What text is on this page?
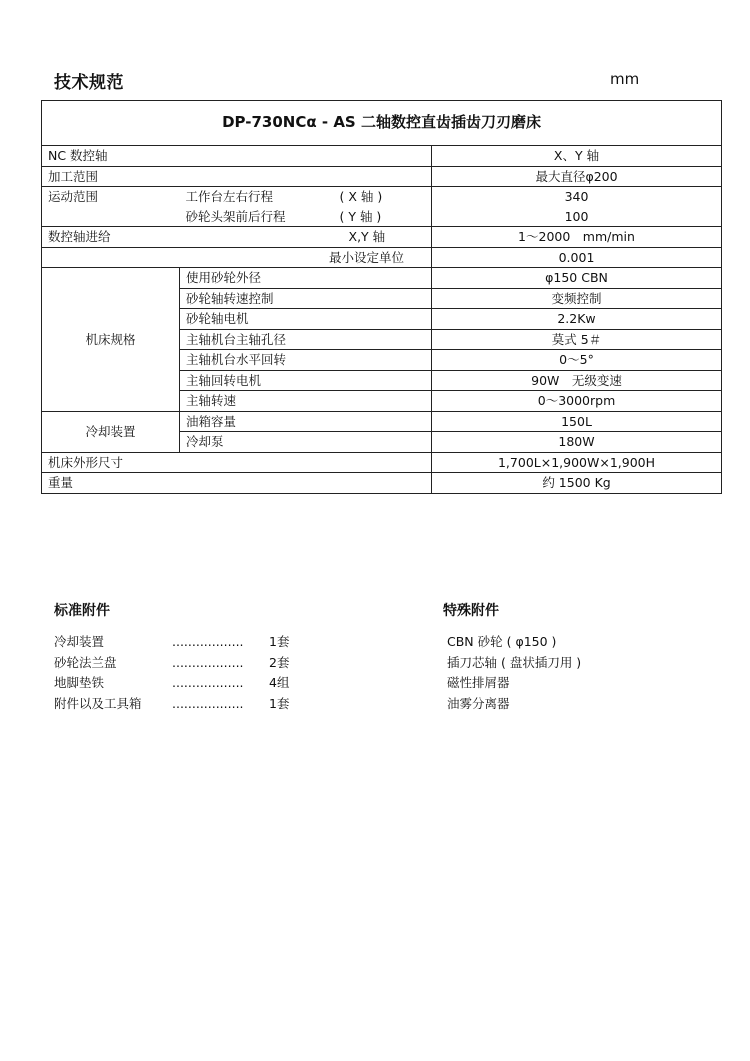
技术规范	mm
DP-730NCα - AS 二轴数控直齿插齿刀刃磨床		
NC 数控轴		X、Y 轴
加工范围		最大直径φ200
运动范围	工作台左右行程 ( X 轴 )	340
	砂轮头架前后行程 ( Y 轴 )	100
数控轴进给	X,Y 轴	1～2000　mm/min
最小设定单位		0.001
机床规格	使用砂轮外径	φ150 CBN
	砂轮轴转速控制	变频控制
	砂轮轴电机	2.2Kw
	主轴机台主轴孔径	莫式 5＃
	主轴机台水平回转	0～5°
	主轴回转电机	90W　无级变速
	主轴转速	0～3000rpm
冷却装置	油箱容量	150L
	冷却泵	180W
机床外形尺寸		1,700L×1,900W×1,900H
重量		约 1500 Kg
标准附件
冷却装置	.................. 1套
砂轮法兰盘	.................. 2套
地脚垫铁	.................. 4组
附件以及工具箱 .................. 1套
特殊附件
CBN 砂轮 ( φ150 )
插刀芯轴 ( 盘状插刀用 )
磁性排屑器
油雾分离器
